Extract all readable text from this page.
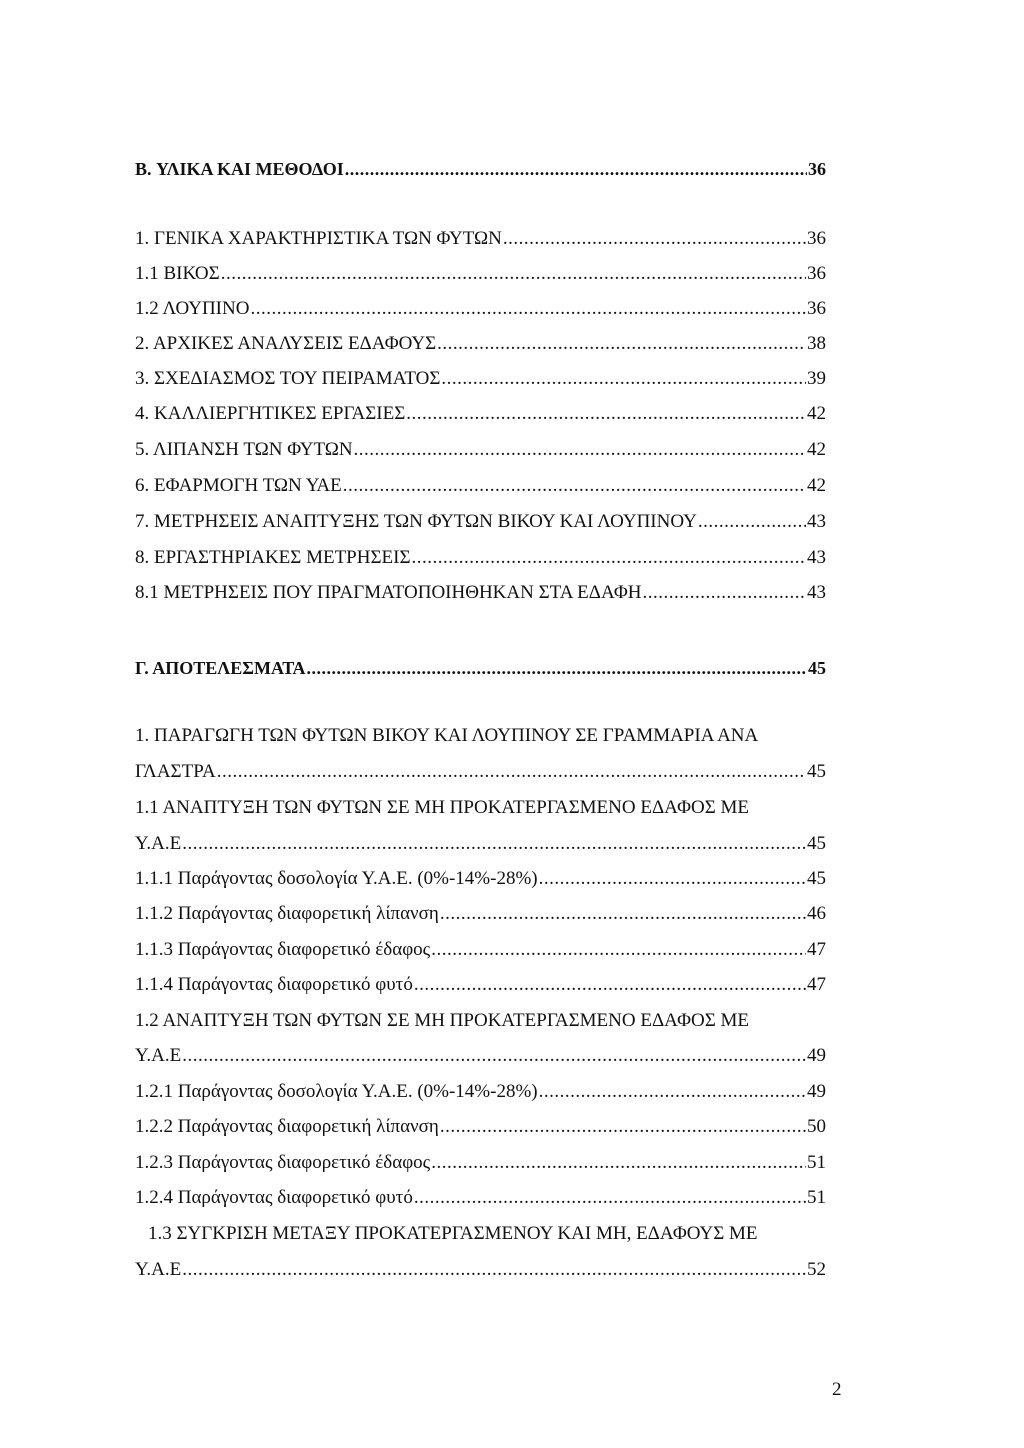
B. ΥΛΙΚΑ ΚΑΙ ΜΕΘΟΔΟΙ .....	36
1. ΓΕΝΙΚΑ ΧΑΡΑΚΤΗΡΙΣΤΙΚΑ ΤΩΝ ΦΥΤΩΝ .....	36
1.1 ΒΙΚΟΣ .....	36
1.2 ΛΟΥΠΙΝΟ .....	36
2. ΑΡΧΙΚΕΣ ΑΝΑΛΥΣΕΙΣ ΕΔΑΦΟΥΣ .....	38
3. ΣΧΕΔΙΑΣΜΟΣ ΤΟΥ ΠΕΙΡΑΜΑΤΟΣ .....	39
4. ΚΑΛΛΙΕΡΓΗΤΙΚΕΣ ΕΡΓΑΣΙΕΣ .....	42
5. ΛΙΠΑΝΣΗ ΤΩΝ ΦΥΤΩΝ .....	42
6. ΕΦΑΡΜΟΓΗ ΤΩΝ ΥΑΕ .....	42
7. ΜΕΤΡΗΣΕΙΣ ΑΝΑΠΤΥΞΗΣ ΤΩΝ ΦΥΤΩΝ ΒΙΚΟΥ ΚΑΙ ΛΟΥΠΙΝΟΥ .....	43
8. ΕΡΓΑΣΤΗΡΙΑΚΕΣ ΜΕΤΡΗΣΕΙΣ .....	43
8.1 ΜΕΤΡΗΣΕΙΣ ΠΟΥ ΠΡΑΓΜΑΤΟΠΟΙΗΘΗΚΑΝ ΣΤΑ ΕΔΑΦΗ .....	43
Γ. ΑΠΟΤΕΛΕΣΜΑΤΑ .....	45
1. ΠΑΡΑΓΩΓΗ ΤΩΝ ΦΥΤΩΝ ΒΙΚΟΥ ΚΑΙ ΛΟΥΠΙΝΟΥ ΣΕ ΓΡΑΜΜΑΡΙΑ ΑΝΑ
ΓΛΑΣΤΡΑ .....	45
1.1 ΑΝΑΠΤΥΞΗ ΤΩΝ ΦΥΤΩΝ ΣΕ ΜΗ ΠΡΟΚΑΤΕΡΓΑΣΜΕΝΟ ΕΔΑΦΟΣ ΜΕ
Υ.Α.Ε .....	45
1.1.1 Παράγοντας δοσολογία Υ.Α.Ε. (0%-14%-28%) .....	45
1.1.2 Παράγοντας διαφορετική λίπανση .....	46
1.1.3 Παράγοντας διαφορετικό έδαφος .....	47
1.1.4 Παράγοντας διαφορετικό φυτό .....	47
1.2 ΑΝΑΠΤΥΞΗ ΤΩΝ ΦΥΤΩΝ ΣΕ ΜΗ ΠΡΟΚΑΤΕΡΓΑΣΜΕΝΟ ΕΔΑΦΟΣ ΜΕ
Υ.Α.Ε .....	49
1.2.1 Παράγοντας δοσολογία Υ.Α.Ε. (0%-14%-28%) .....	49
1.2.2 Παράγοντας διαφορετική λίπανση .....	50
1.2.3 Παράγοντας διαφορετικό έδαφος .....	51
1.2.4 Παράγοντας διαφορετικό φυτό .....	51
1.3 ΣΥΓΚΡΙΣΗ ΜΕΤΑΞΥ ΠΡΟΚΑΤΕΡΓΑΣΜΕΝΟΥ ΚΑΙ ΜΗ, ΕΔΑΦΟΥΣ ΜΕ
Υ.Α.Ε .....	52
2
